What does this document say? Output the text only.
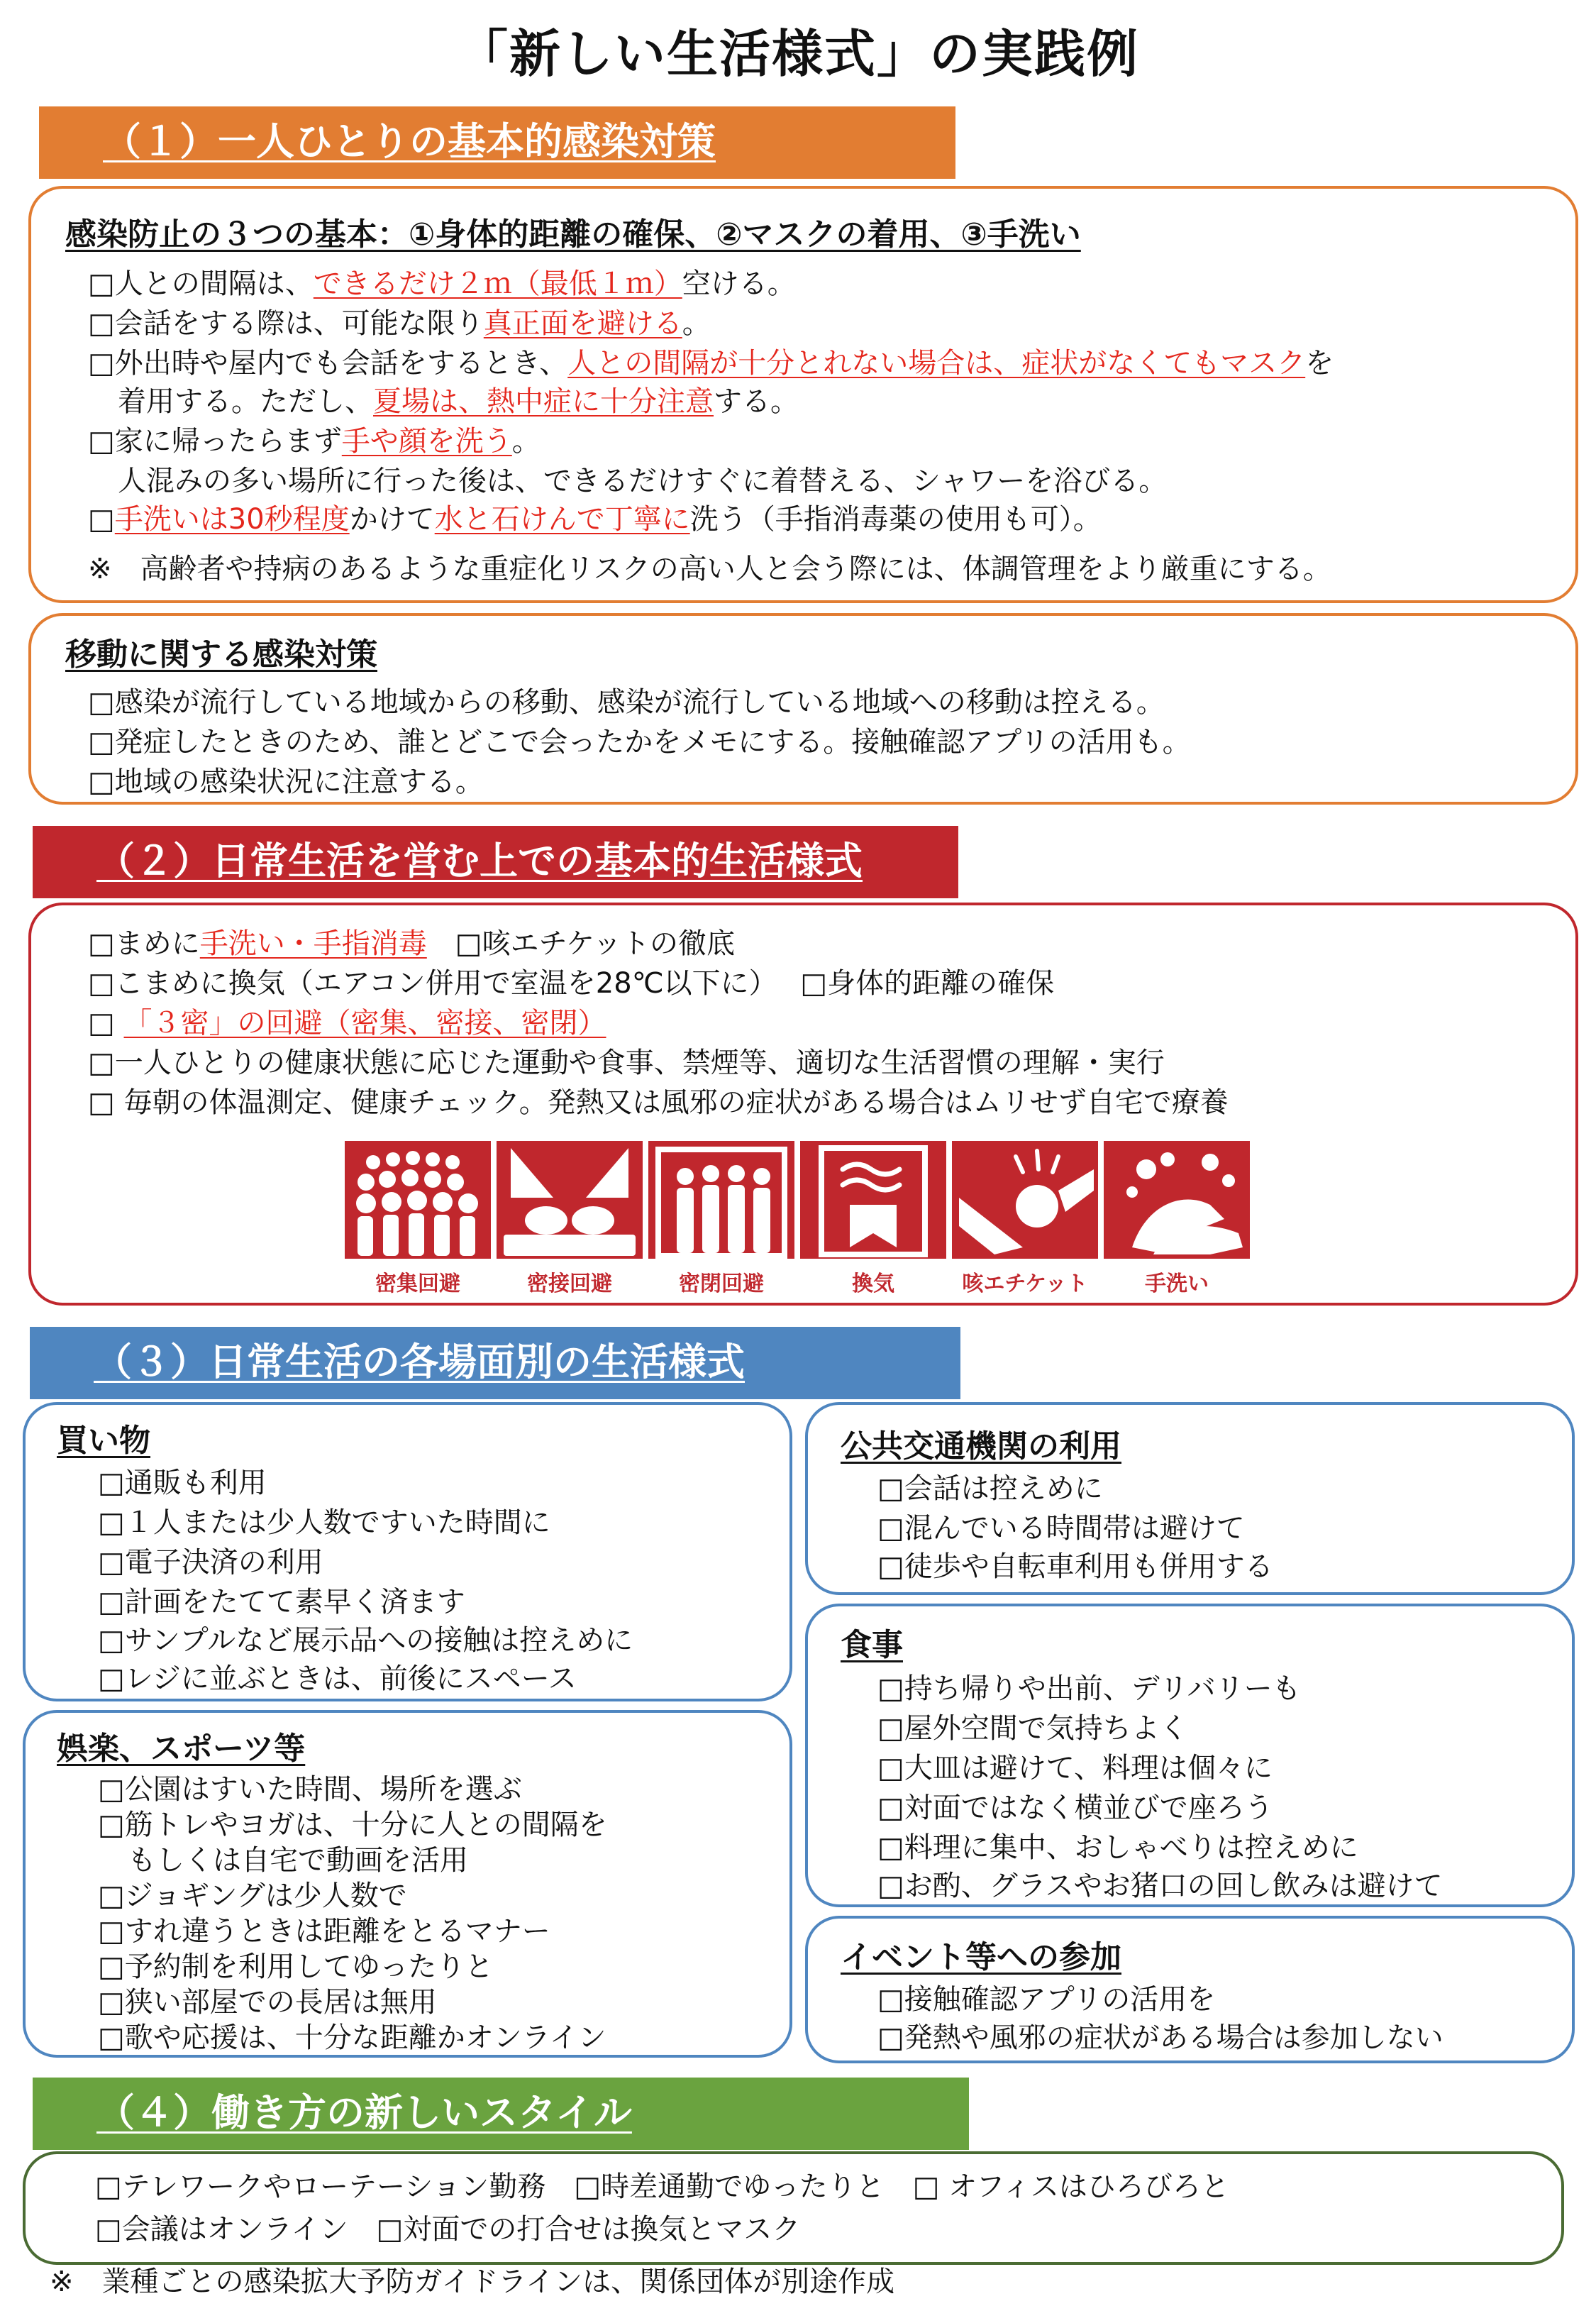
「新しい生活様式」の実践例
（１）一人ひとりの基本的感染対策
感染防止の３つの基本：①身体的距離の確保、②マスクの着用、③手洗い
□人との間隔は、できるだけ２ｍ（最低１ｍ）空ける。
□会話をする際は、可能な限り真正面を避ける。
□外出時や屋内でも会話をするとき、人との間隔が十分とれない場合は、症状がなくてもマスクを
着用する。ただし、夏場は、熱中症に十分注意する。
□家に帰ったらまず手や顔を洗う。
人混みの多い場所に行った後は、できるだけすぐに着替える、シャワーを浴びる。
□手洗いは30秒程度かけて水と石けんで丁寧に洗う（手指消毒薬の使用も可）。
※　高齢者や持病のあるような重症化リスクの高い人と会う際には、体調管理をより厳重にする。
移動に関する感染対策
□感染が流行している地域からの移動、感染が流行している地域への移動は控える。
□発症したときのため、誰とどこで会ったかをメモにする。接触確認アプリの活用も。
□地域の感染状況に注意する。
（２）日常生活を営む上での基本的生活様式
□まめに手洗い・手指消毒　□咳エチケットの徹底
□こまめに換気（エアコン併用で室温を28℃以下に）　 □身体的距離の確保
□ 「３密」の回避（密集、密接、密閉）
□一人ひとりの健康状態に応じた運動や食事、禁煙等、適切な生活習慣の理解・実行
□ 毎朝の体温測定、健康チェック。発熱又は風邪の症状がある場合はムリせず自宅で療養
密集回避	密接回避	密閉回避	換気	咳エチケット	手洗い
（３）日常生活の各場面別の生活様式
買い物
□通販も利用
□１人または少人数ですいた時間に
□電子決済の利用
□計画をたてて素早く済ます
□サンプルなど展示品への接触は控えめに
□レジに並ぶときは、前後にスペース
娯楽、スポーツ等
□公園はすいた時間、場所を選ぶ
□筋トレやヨガは、十分に人との間隔を
もしくは自宅で動画を活用
□ジョギングは少人数で
□すれ違うときは距離をとるマナー
□予約制を利用してゆったりと
□狭い部屋での長居は無用
□歌や応援は、十分な距離かオンライン
公共交通機関の利用
□会話は控えめに
□混んでいる時間帯は避けて
□徒歩や自転車利用も併用する
食事
□持ち帰りや出前、デリバリーも
□屋外空間で気持ちよく
□大皿は避けて、料理は個々に
□対面ではなく横並びで座ろう
□料理に集中、おしゃべりは控えめに
□お酌、グラスやお猪口の回し飲みは避けて
イベント等への参加
□接触確認アプリの活用を
□発熱や風邪の症状がある場合は参加しない
（４）働き方の新しいスタイル
□テレワークやローテーション勤務　□時差通勤でゆったりと　□ オフィスはひろびろと
□会議はオンライン　□対面での打合せは換気とマスク
※　業種ごとの感染拡大予防ガイドラインは、関係団体が別途作成
